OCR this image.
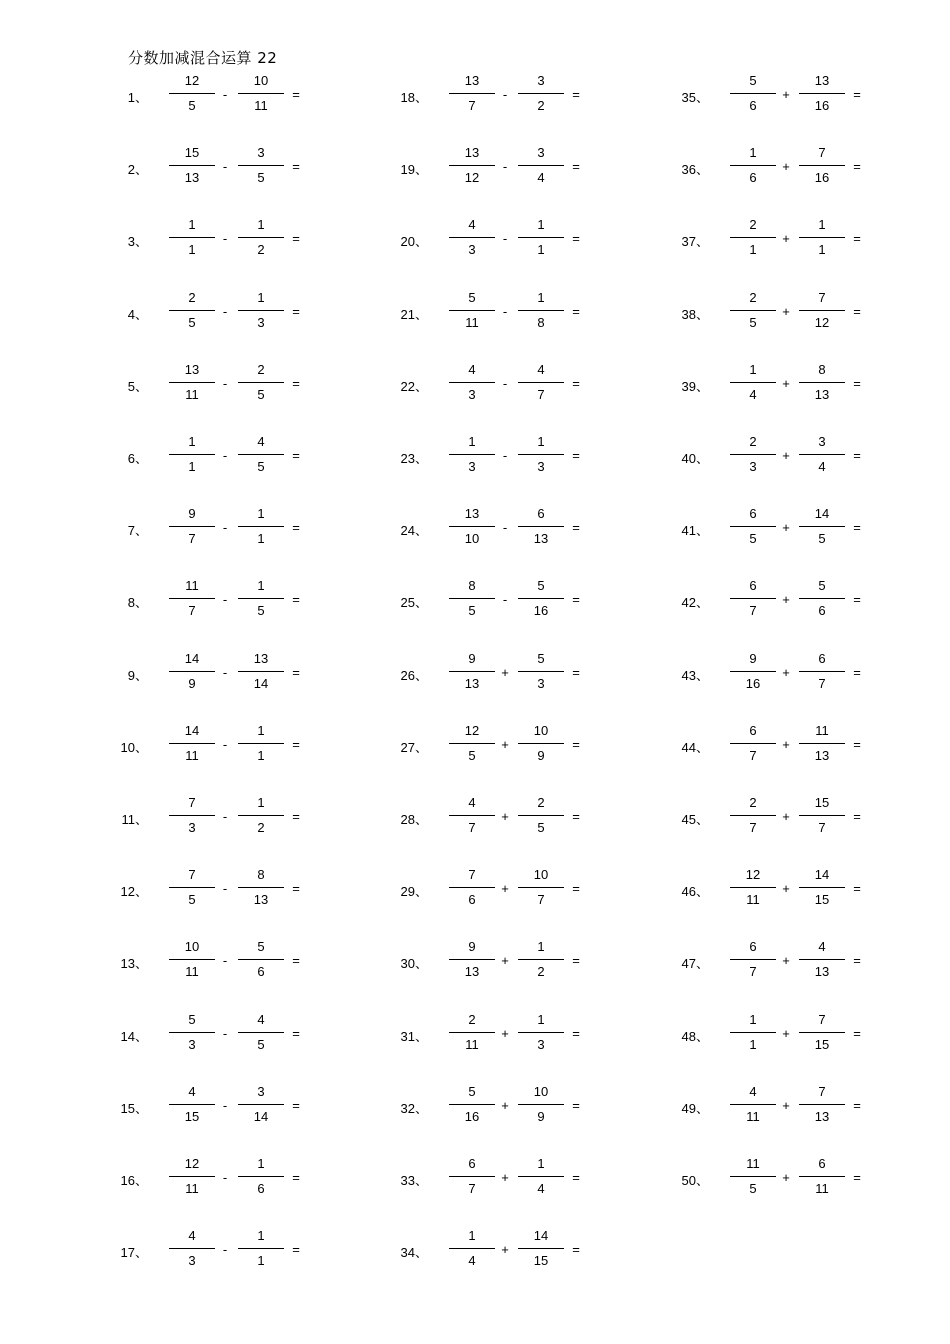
分数加减混合运算 22
1、
12
5
-
10
11
=
2、
15
13
-
3
5
=
3、
1
1
-
1
2
=
4、
2
5
-
1
3
=
5、
13
11
-
2
5
=
6、
1
1
-
4
5
=
7、
9
7
-
1
1
=
8、
11
7
-
1
5
=
9、
14
9
-
13
14
=
10、
14
11
-
1
1
=
11、
7
3
-
1
2
=
12、
7
5
-
8
13
=
13、
10
11
-
5
6
=
14、
5
3
-
4
5
=
15、
4
15
-
3
14
=
16、
12
11
-
1
6
=
17、
4
3
-
1
1
=
18、
13
7
-
3
2
=
19、
13
12
-
3
4
=
20、
4
3
-
1
1
=
21、
5
11
-
1
8
=
22、
4
3
-
4
7
=
23、
1
3
-
1
3
=
24、
13
10
-
6
13
=
25、
8
5
-
5
16
=
26、
9
13
+
5
3
=
27、
12
5
+
10
9
=
28、
4
7
+
2
5
=
29、
7
6
+
10
7
=
30、
9
13
+
1
2
=
31、
2
11
+
1
3
=
32、
5
16
+
10
9
=
33、
6
7
+
1
4
=
34、
1
4
+
14
15
=
35、
5
6
+
13
16
=
36、
1
6
+
7
16
=
37、
2
1
+
1
1
=
38、
2
5
+
7
12
=
39、
1
4
+
8
13
=
40、
2
3
+
3
4
=
41、
6
5
+
14
5
=
42、
6
7
+
5
6
=
43、
9
16
+
6
7
=
44、
6
7
+
11
13
=
45、
2
7
+
15
7
=
46、
12
11
+
14
15
=
47、
6
7
+
4
13
=
48、
1
1
+
7
15
=
49、
4
11
+
7
13
=
50、
11
5
+
6
11
=
